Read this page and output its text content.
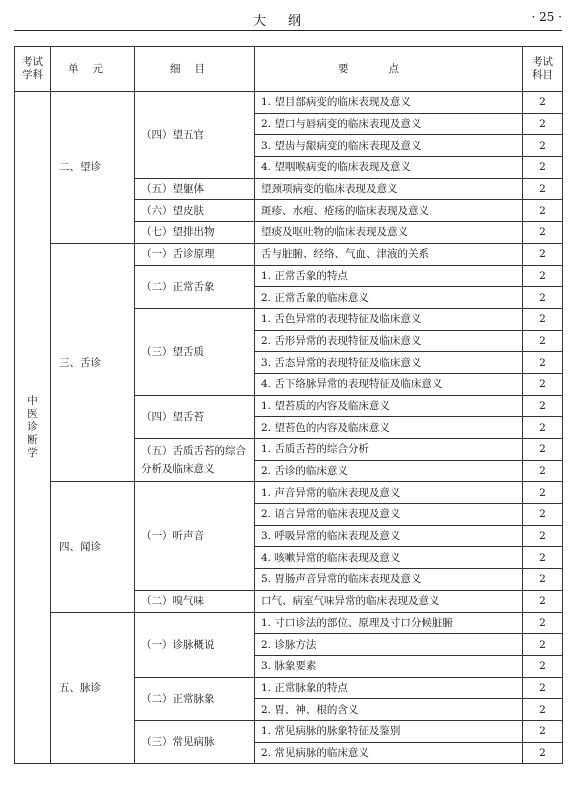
大纲	· 25 ·
考试学科	单元	细目	要点	考试科目
中医诊断学	二、望诊	（四）望五官	1. 望目部病变的临床表现及意义	2
			2. 望口与唇病变的临床表现及意义	2
			3. 望齿与龈病变的临床表现及意义	2
			4. 望咽喉病变的临床表现及意义	2
		（五）望躯体	望颈项病变的临床表现及意义	2
		（六）望皮肤	斑疹、水疱、疮疡的临床表现及意义	2
		（七）望排出物	望痰及呕吐物的临床表现及意义	2
	三、舌诊	（一）舌诊原理	舌与脏腑、经络、气血、津液的关系	2
		（二）正常舌象	1. 正常舌象的特点	2
			2. 正常舌象的临床意义	2
		（三）望舌质	1. 舌色异常的表现特征及临床意义	2
			2. 舌形异常的表现特征及临床意义	2
			3. 舌态异常的表现特征及临床意义	2
			4. 舌下络脉异常的表现特征及临床意义	2
		（四）望舌苔	1. 望苔质的内容及临床意义	2
			2. 望苔色的内容及临床意义	2
		（五）舌质舌苔的综合分析及临床意义	1. 舌质舌苔的综合分析	2
			2. 舌诊的临床意义	2
	四、闻诊	（一）听声音	1. 声音异常的临床表现及意义	2
			2. 语言异常的临床表现及意义	2
			3. 呼吸异常的临床表现及意义	2
			4. 咳嗽异常的临床表现及意义	2
			5. 胃肠声音异常的临床表现及意义	2
		（二）嗅气味	口气、病室气味异常的临床表现及意义	2
	五、脉诊	（一）诊脉概说	1. 寸口诊法的部位、原理及寸口分候脏腑	2
			2. 诊脉方法	2
			3. 脉象要素	2
		（二）正常脉象	1. 正常脉象的特点	2
			2. 胃、神、根的含义	2
		（三）常见病脉	1. 常见病脉的脉象特征及鉴别	2
			2. 常见病脉的临床意义	2
